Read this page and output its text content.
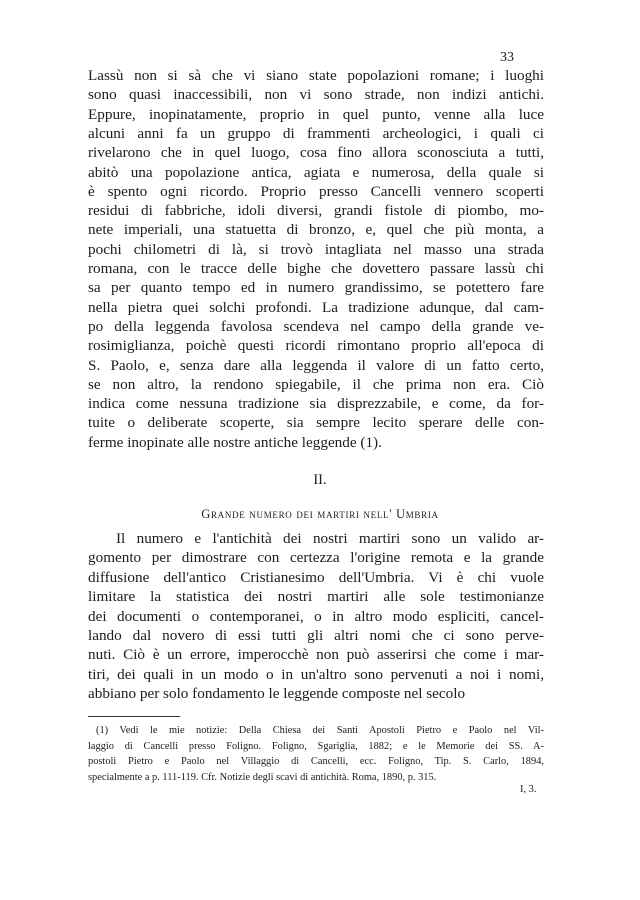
33
Lassù non si sà che vi siano state popolazioni romane; i luoghi
sono quasi inaccessibili, non vi sono strade, non indizi antichi.
Eppure, inopinatamente, proprio in quel punto, venne alla luce
alcuni anni fa un gruppo di frammenti archeologici, i quali ci
rivelarono che in quel luogo, cosa fino allora sconosciuta a tutti,
abitò una popolazione antica, agiata e numerosa, della quale si
è spento ogni ricordo. Proprio presso Cancelli vennero scoperti
residui di fabbriche, idoli diversi, grandi fistole di piombo, mo-
nete imperiali, una statuetta di bronzo, e, quel che più monta, a
pochi chilometri di là, si trovò intagliata nel masso una strada
romana, con le tracce delle bighe che dovettero passare lassù chi
sa per quanto tempo ed in numero grandissimo, se potettero fare
nella pietra quei solchi profondi. La tradizione adunque, dal cam-
po della leggenda favolosa scendeva nel campo della grande ve-
rosimiglianza, poichè questi ricordi rimontano proprio all'epoca di
S. Paolo, e, senza dare alla leggenda il valore di un fatto certo,
se non altro, la rendono spiegabile, il che prima non era. Ciò
indica come nessuna tradizione sia disprezzabile, e come, da for-
tuite o deliberate scoperte, sia sempre lecito sperare delle con-
ferme inopinate alle nostre antiche leggende (1).
II.
Grande numero dei martiri nell' Umbria
Il numero e l'antichità dei nostri martiri sono un valido ar-
gomento per dimostrare con certezza l'origine remota e la grande
diffusione dell'antico Cristianesimo dell'Umbria. Vi è chi vuole
limitare la statistica dei nostri martiri alle sole testimonianze
dei documenti o contemporanei, o in altro modo espliciti, cancel-
lando dal novero di essi tutti gli altri nomi che ci sono perve-
nuti. Ciò è un errore, imperocchè non può asserirsi che come i mar-
tiri, dei quali in un modo o in un'altro sono pervenuti a noi i nomi,
abbiano per solo fondamento le leggende composte nel secolo
(1) Vedi le mie notizie: Della Chiesa dei Santi Apostoli Pietro e Paolo nel Vil-
laggio di Cancelli presso Foligno. Foligno, Sgariglia, 1882; e le Memorie dei SS. A-
postoli Pietro e Paolo nel Villaggio di Cancelli, ecc. Foligno, Tip. S. Carlo, 1894,
specialmente a p. 111-119. Cfr. Notizie degli scavi di antichità. Roma, 1890, p. 315.
I, 3.
